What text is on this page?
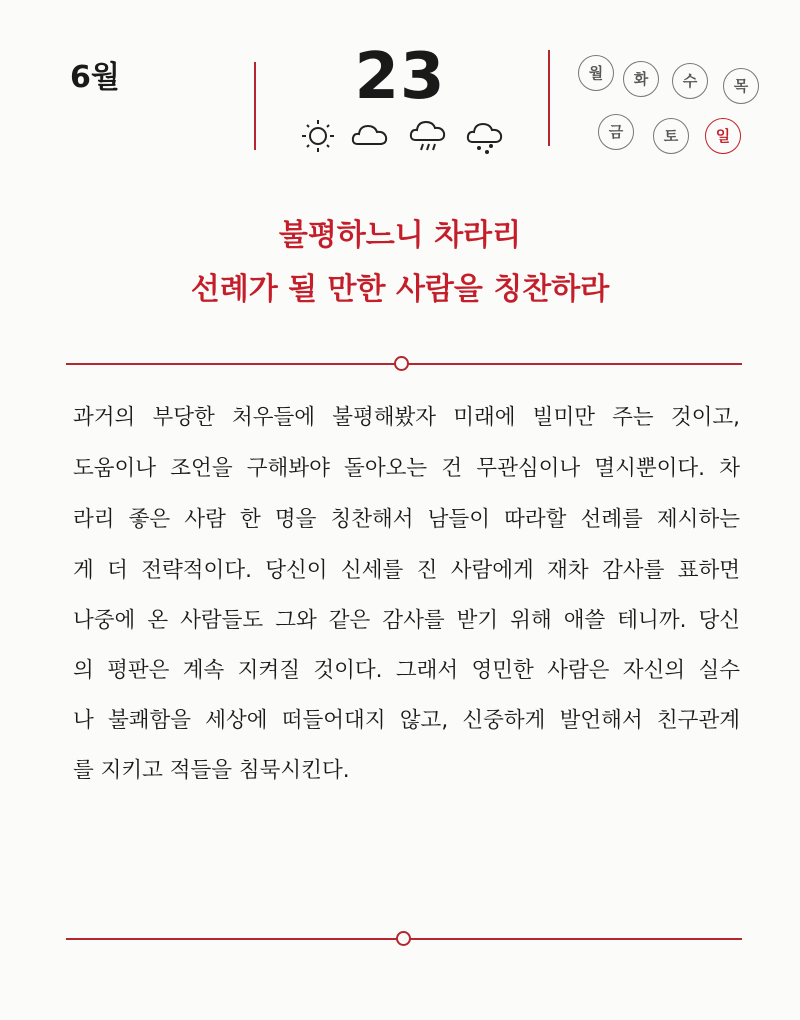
6월	23	월	화	수	목
금	토	일
불평하느니 차라리
선례가 될 만한 사람을 칭찬하라
과거의 부당한 처우들에 불평해봤자 미래에 빌미만 주는 것이고,
도움이나 조언을 구해봐야 돌아오는 건 무관심이나 멸시뿐이다. 차
라리 좋은 사람 한 명을 칭찬해서 남들이 따라할 선례를 제시하는
게 더 전략적이다. 당신이 신세를 진 사람에게 재차 감사를 표하면
나중에 온 사람들도 그와 같은 감사를 받기 위해 애쓸 테니까. 당신
의 평판은 계속 지켜질 것이다. 그래서 영민한 사람은 자신의 실수
나 불쾌함을 세상에 떠들어대지 않고, 신중하게 발언해서 친구관계
를 지키고 적들을 침묵시킨다.
